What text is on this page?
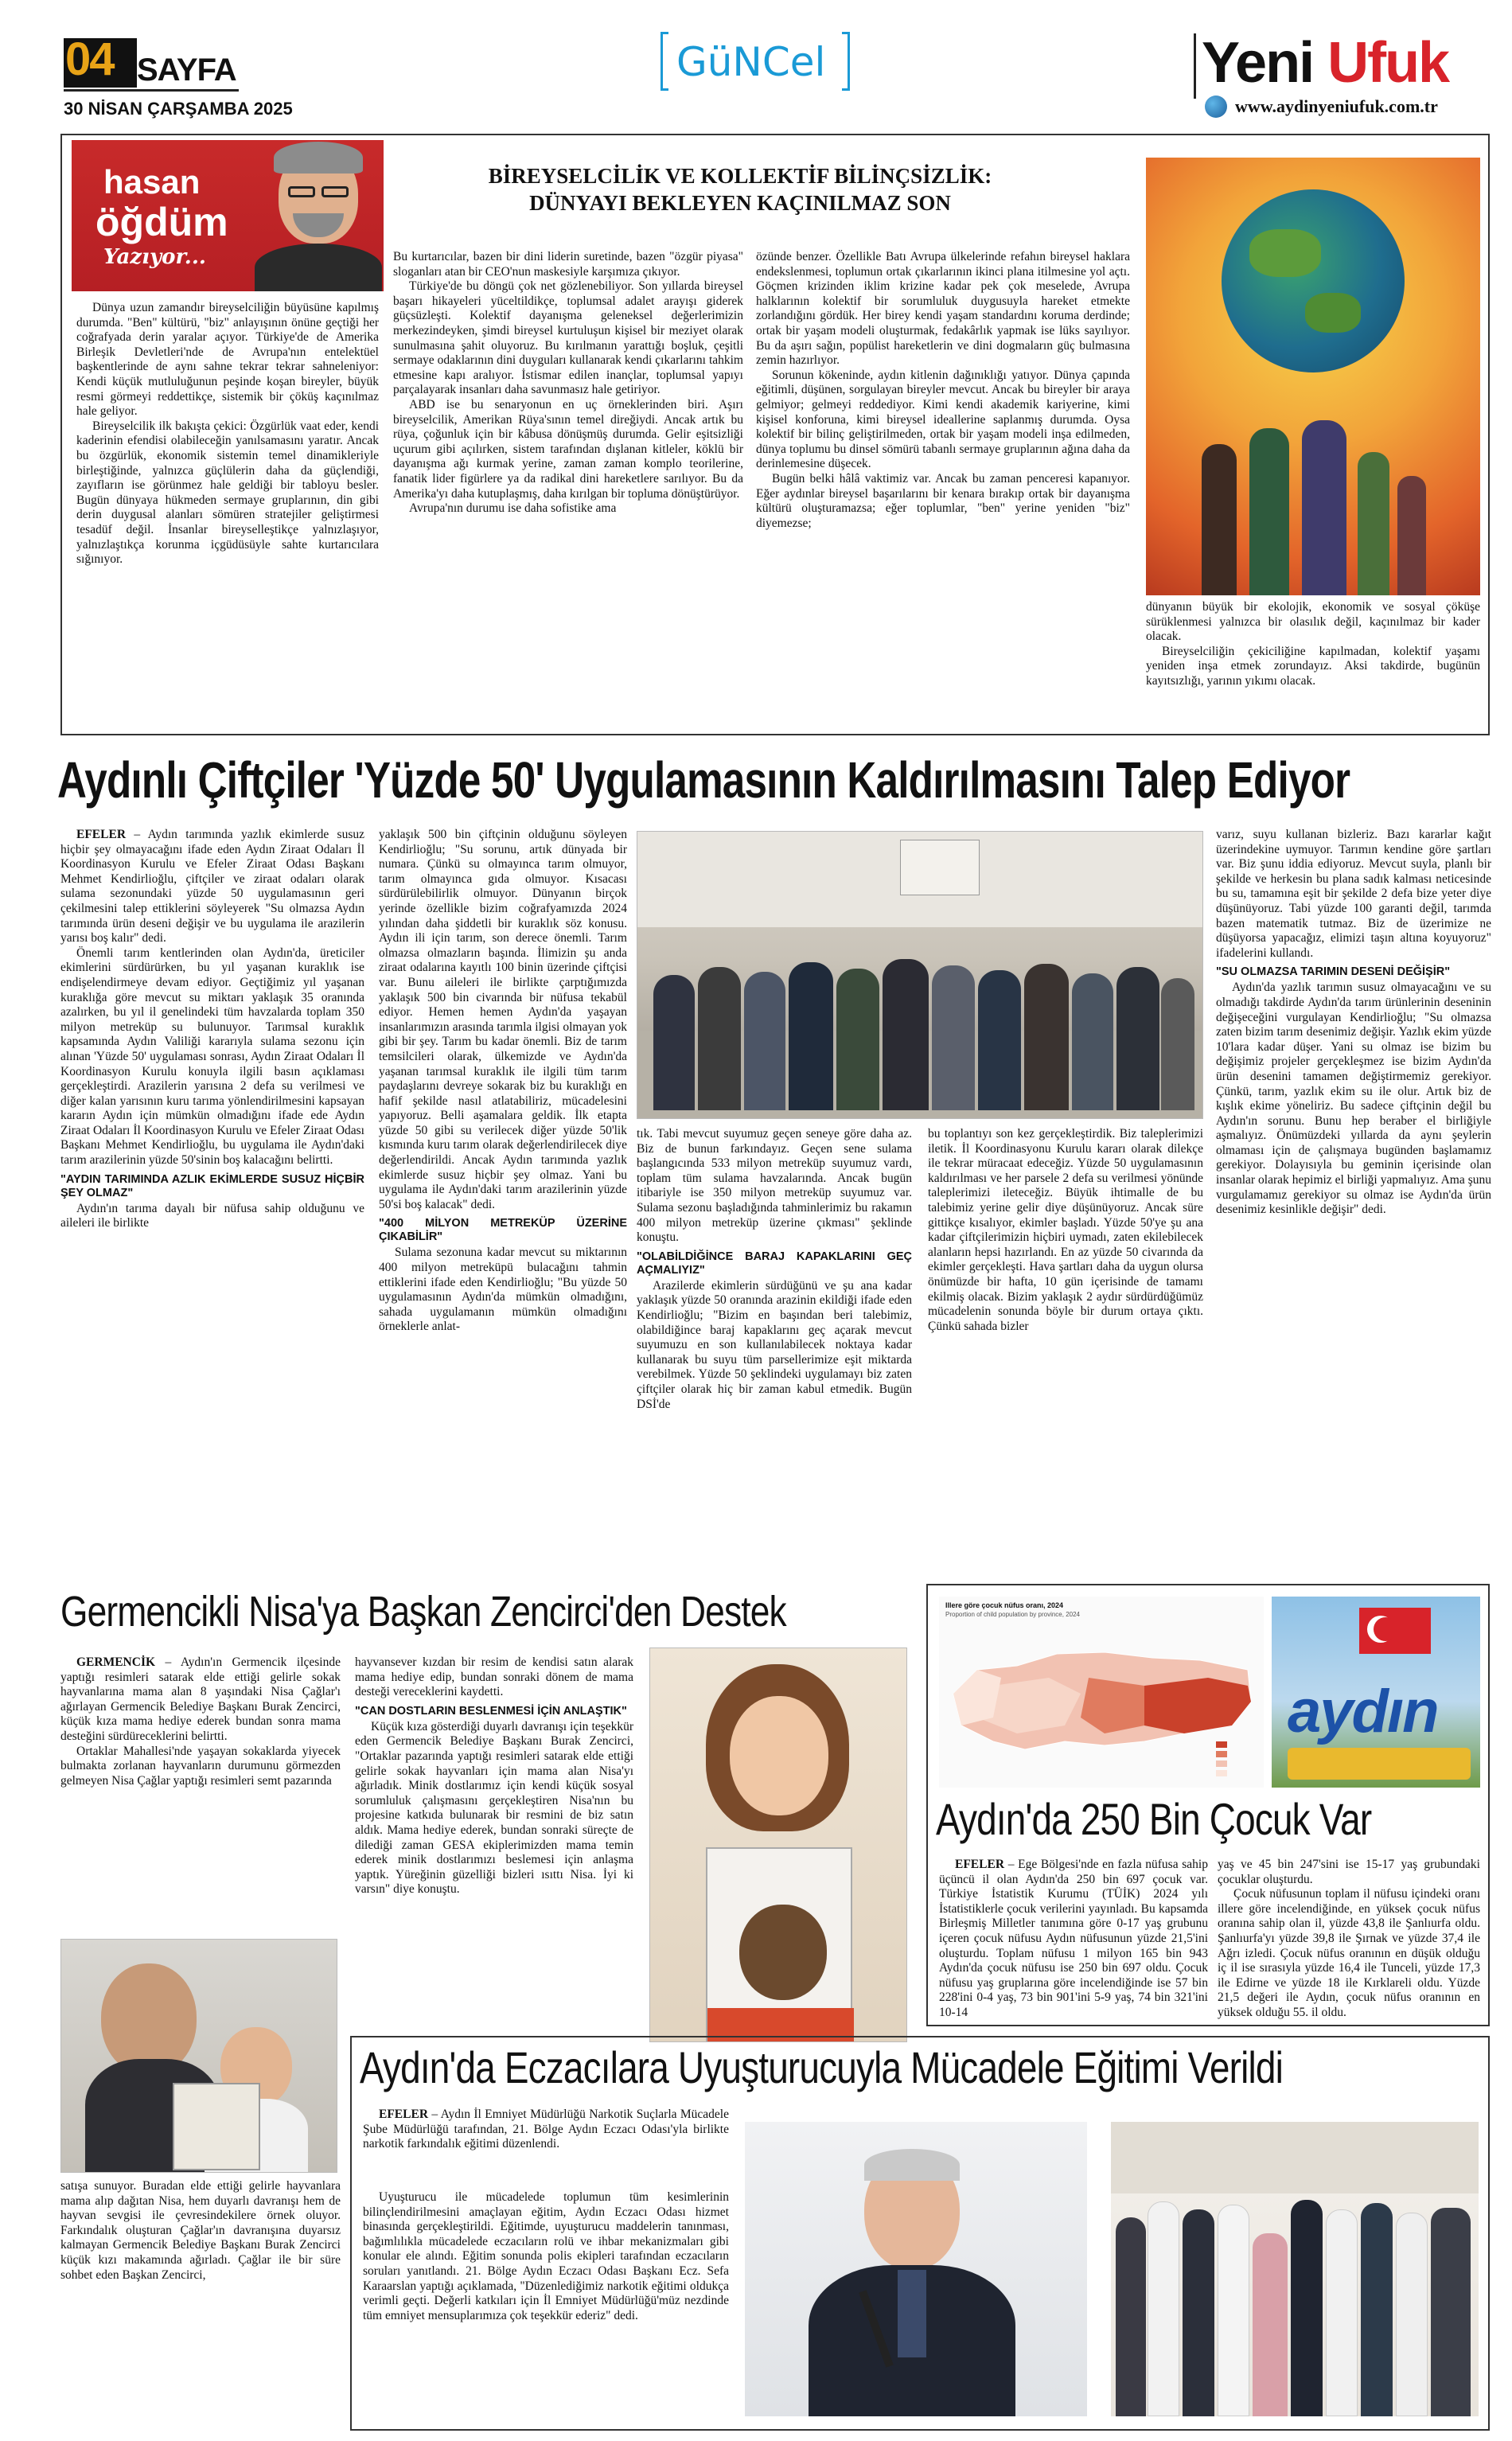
04 SAYFA
30 NİSAN ÇARŞAMBA 2025
GüNCel	Yeni Ufuk
www.aydinyeniufuk.com.tr
hasan
öğdüm
Yazıyor...
BİREYSELCİLİK VE KOLLEKTİF BİLİNÇSİZLİK:
DÜNYAYI BEKLEYEN KAÇINILMAZ SON

Dünya uzun zamandır bireyselciliğin büyüsüne kapılmış durumda. "Ben" kültürü, "biz" anlayışının önüne geçtiği her coğrafyada derin yaralar açıyor. Türkiye'de de Amerika Birleşik Devletleri'nde de Avrupa'nın entelektüel başkentlerinde de aynı sahne tekrar tekrar sahneleniyor: Kendi küçük mutluluğunun peşinde koşan bireyler, büyük resmi görmeyi reddettikçe, sistemik bir çöküş kaçınılmaz hale geliyor.

Bireyselcilik ilk bakışta çekici: Özgürlük vaat eder, kendi kaderinin efendisi olabileceğin yanılsamasını yaratır. Ancak bu özgürlük, ekonomik sistemin temel dinamikleriyle birleştiğinde, yalnızca güçlülerin daha da güçlendiği, zayıfların ise görünmez hale geldiği bir tabloyu besler. Bugün dünyaya hükmeden sermaye gruplarının, din gibi derin duygusal alanları sömüren stratejiler geliştirmesi tesadüf değil. İnsanlar bireyselleştikçe yalnızlaşıyor, yalnızlaştıkça korunma içgüdüsüyle sahte kurtarıcılara sığınıyor.

Bu kurtarıcılar, bazen bir dini liderin suretinde, bazen "özgür piyasa" sloganları atan bir CEO'nun maskesiyle karşımıza çıkıyor.

Türkiye'de bu döngü çok net gözlenebiliyor. Son yıllarda bireysel başarı hikayeleri yüceltildikçe, toplumsal adalet arayışı giderek güçsüzleşti. Kolektif dayanışma geleneksel değerlerimizin merkezindeyken, şimdi bireysel kurtuluşun kişisel bir meziyet olarak sunulmasına şahit oluyoruz. Bu kırılmanın yarattığı boşluk, çeşitli sermaye odaklarının dini duyguları kullanarak kendi çıkarlarını tahkim etmesine kapı aralıyor. İstismar edilen inançlar, toplumsal yapıyı parçalayarak insanları daha savunmasız hale getiriyor.

ABD ise bu senaryonun en uç örneklerinden biri. Aşırı bireyselcilik, Amerikan Rüya'sının temel direğiydi. Ancak artık bu rüya, çoğunluk için bir kâbusa dönüşmüş durumda. Gelir eşitsizliği uçurum gibi açılırken, sistem tarafından dışlanan kitleler, köklü bir dayanışma ağı kurmak yerine, zaman zaman komplo teorilerine, fanatik lider figürlere ya da radikal dini hareketlere sarılıyor. Bu da Amerika'yı daha kutuplaşmış, daha kırılgan bir topluma dönüştürüyor.

Avrupa'nın durumu ise daha sofistike ama

özünde benzer. Özellikle Batı Avrupa ülkelerinde refahın bireysel haklara endekslenmesi, toplumun ortak çıkarlarının ikinci plana itilmesine yol açtı. Göçmen krizinden iklim krizine kadar pek çok meselede, Avrupa halklarının kolektif bir sorumluluk duygusuyla hareket etmekte zorlandığını gördük. Her birey kendi yaşam standardını koruma derdinde; ortak bir yaşam modeli oluşturmak, fedakârlık yapmak ise lüks sayılıyor. Bu da aşırı sağın, popülist hareketlerin ve dini dogmaların güç bulmasına zemin hazırlıyor.

Sorunun kökeninde, aydın kitlenin dağınıklığı yatıyor. Dünya çapında eğitimli, düşünen, sorgulayan bireyler mevcut. Ancak bu bireyler bir araya gelmiyor; gelmeyi reddediyor. Kimi kendi akademik kariyerine, kimi kişisel konforuna, kimi bireysel ideallerine saplanmış durumda. Oysa kolektif bir bilinç geliştirilmeden, ortak bir yaşam modeli inşa edilmeden, dünya toplumu bu dinsel sömürü tabanlı sermaye gruplarının ağına daha da derinlemesine düşecek.

Bugün belki hâlâ vaktimiz var. Ancak bu zaman penceresi kapanıyor. Eğer aydınlar bireysel başarılarını bir kenara bırakıp ortak bir dayanışma kültürü oluşturamazsa; eğer toplumlar, "ben" yerine yeniden "biz" diyemezse;

dünyanın büyük bir ekolojik, ekonomik ve sosyal çöküşe sürüklenmesi yalnızca bir olasılık değil, kaçınılmaz bir kader olacak.

Bireyselciliğin çekiciliğine kapılmadan, kolektif yaşamı yeniden inşa etmek zorundayız. Aksi takdirde, bugünün kayıtsızlığı, yarının yıkımı olacak.

Aydınlı Çiftçiler 'Yüzde 50' Uygulamasının Kaldırılmasını Talep Ediyor

EFELER – Aydın tarımında yazlık ekimlerde susuz hiçbir şey olmayacağını ifade eden Aydın Ziraat Odaları İl Koordinasyon Kurulu ve Efeler Ziraat Odası Başkanı Mehmet Kendirlioğlu, çiftçiler ve ziraat odaları olarak sulama sezonundaki yüzde 50 uygulamasının geri çekilmesini talep ettiklerini söyleyerek "Su olmazsa Aydın tarımında ürün deseni değişir ve bu uygulama ile arazilerin yarısı boş kalır" dedi.

Önemli tarım kentlerinden olan Aydın'da, üreticiler ekimlerini sürdürürken, bu yıl yaşanan kuraklık ise endişelendirmeye devam ediyor. Geçtiğimiz yıl yaşanan kuraklığa göre mevcut su miktarı yaklaşık 35 oranında azalırken, bu yıl il genelindeki tüm havzalarda toplam 350 milyon metreküp su bulunuyor. Tarımsal kuraklık kapsamında Aydın Valiliği kararıyla sulama sezonu için alınan 'Yüzde 50' uygulaması sonrası, Aydın Ziraat Odaları İl Koordinasyon Kurulu konuyla ilgili basın açıklaması gerçekleştirdi. Arazilerin yarısına 2 defa su verilmesi ve diğer kalan yarısının kuru tarıma yönlendirilmesini kapsayan kararın Aydın için mümkün olmadığını ifade ede Aydın Ziraat Odaları İl Koordinasyon Kurulu ve Efeler Ziraat Odası Başkanı Mehmet Kendirlioğlu, bu uygulama ile Aydın'daki tarım arazilerinin yüzde 50'sinin boş kalacağını belirtti.

"AYDIN TARIMINDA AZLIK EKİMLERDE SUSUZ HİÇBİR ŞEY OLMAZ"

Aydın'ın tarıma dayalı bir nüfusa sahip olduğunu ve aileleri ile birlikte

yaklaşık 500 bin çiftçinin olduğunu söyleyen Kendirlioğlu; "Su sorunu, artık dünyada bir numara. Çünkü su olmayınca tarım olmuyor, tarım olmayınca gıda olmuyor. Kısacası sürdürülebilirlik olmuyor. Dünyanın birçok yerinde özellikle bizim coğrafyamızda 2024 yılından daha şiddetli bir kuraklık söz konusu. Aydın ili için tarım, son derece önemli. Tarım olmazsa olmazların başında. İlimizin şu anda ziraat odalarına kayıtlı 100 binin üzerinde çiftçisi var. Bunu aileleri ile birlikte çarptığımızda yaklaşık 500 bin civarında bir nüfusa tekabül ediyor. Hemen hemen Aydın'da yaşayan insanlarımızın arasında tarımla ilgisi olmayan yok gibi bir şey. Tarım bu kadar önemli. Biz de tarım temsilcileri olarak, ülkemizde ve Aydın'da yaşanan tarımsal kuraklık ile ilgili tüm tarım paydaşlarını devreye sokarak biz bu kuraklığı en hafif şekilde nasıl atlatabiliriz, mücadelesini yapıyoruz. Belli aşamalara geldik. İlk etapta yüzde 50 gibi su verilecek diğer yüzde 50'lik kısmında kuru tarım olarak değerlendirilecek diye değerlendirildi. Ancak Aydın tarımında yazlık ekimlerde susuz hiçbir şey olmaz. Yani bu uygulama ile Aydın'daki tarım arazilerinin yüzde 50'si boş kalacak" dedi.

"400 MİLYON METREKÜP ÜZERİNE ÇIKABİLİR"

Sulama sezonuna kadar mevcut su miktarının 400 milyon metreküpü bulacağını tahmin ettiklerini ifade eden Kendirlioğlu; "Bu yüzde 50 uygulamasının Aydın'da mümkün olmadığını, sahada uygulamanın mümkün olmadığını örneklerle anlat-

tık. Tabi mevcut suyumuz geçen seneye göre daha az. Biz de bunun farkındayız. Geçen sene sulama başlangıcında 533 milyon metreküp suyumuz vardı, toplam tüm sulama havzalarında. Ancak bugün itibariyle ise 350 milyon metreküp suyumuz var. Sulama sezonu başladığında tahminlerimiz bu rakamın 400 milyon metreküp üzerine çıkması" şeklinde konuştu.

"OLABİLDİĞİNCE BARAJ KAPAKLARINI GEÇ AÇMALIYIZ"

Arazilerde ekimlerin sürdüğünü ve şu ana kadar yaklaşık yüzde 50 oranında arazinin ekildiği ifade eden Kendirlioğlu; "Bizim en başından beri talebimiz, olabildiğince baraj kapaklarını geç açarak mevcut suyumuzu en son kullanılabilecek noktaya kadar kullanarak bu suyu tüm parsellerimize eşit miktarda verebilmek. Yüzde 50 şeklindeki uygulamayı biz zaten çiftçiler olarak hiç bir zaman kabul etmedik. Bugün DSİ'de

bu toplantıyı son kez gerçekleştirdik. Biz taleplerimizi iletik. İl Koordinasyonu Kurulu kararı olarak dilekçe ile tekrar müracaat edeceğiz. Yüzde 50 uygulamasının kaldırılması ve her parsele 2 defa su verilmesi yönünde taleplerimizi ileteceğiz. Büyük ihtimalle de bu talebimiz yerine gelir diye düşünüyoruz. Ancak süre gittikçe kısalıyor, ekimler başladı. Yüzde 50'ye şu ana kadar çiftçilerimizin hiçbiri uymadı, zaten ekilebilecek alanların hepsi hazırlandı. En az yüzde 50 civarında da ekimler gerçekleşti. Hava şartları daha da uygun olursa önümüzde bir hafta, 10 gün içerisinde de tamamı ekilmiş olacak. Bizim yaklaşık 2 aydır sürdürdüğümüz mücadelenin sonunda böyle bir durum ortaya çıktı. Çünkü sahada bizler

varız, suyu kullanan bizleriz. Bazı kararlar kağıt üzerindekine uymuyor. Tarımın kendine göre şartları var. Biz şunu iddia ediyoruz. Mevcut suyla, planlı bir şekilde ve herkesin bu plana sadık kalması neticesinde bu su, tamamına eşit bir şekilde 2 defa bize yeter diye düşünüyoruz. Tabi yüzde 100 garanti değil, tarımda bazen matematik tutmaz. Biz de üzerimize ne düşüyorsa yapacağız, elimizi taşın altına koyuyoruz" ifadelerini kullandı.

"SU OLMAZSA TARIMIN DESENİ DEĞİŞİR"

Aydın'da yazlık tarımın susuz olmayacağını ve su olmadığı takdirde Aydın'da tarım ürünlerinin deseninin değişeceğini vurgulayan Kendirlioğlu; "Su olmazsa zaten bizim tarım desenimiz değişir. Yazlık ekim yüzde 10'lara kadar düşer. Yani su olmaz ise bizim bu değişimiz projeler gerçekleşmez ise bizim Aydın'da ürün desenini tamamen değiştirmemiz gerekiyor. Çünkü, tarım, yazlık ekim su ile olur. Artık biz de kışlık ekime yöneliriz. Bu sadece çiftçinin değil bu Aydın'ın sorunu. Bunu hep beraber el birliğiyle aşmalıyız. Önümüzdeki yıllarda da aynı şeylerin olmaması için de çalışmaya bugünden başlamamız gerekiyor. Dolayısıyla bu geminin içerisinde olan insanlar olarak hepimiz el birliği yapmalıyız. Ama şunu vurgulamamız gerekiyor su olmaz ise Aydın'da ürün desenimiz kesinlikle değişir" dedi.

Germencikli Nisa'ya Başkan Zencirci'den Destek

GERMENCİK – Aydın'ın Germencik ilçesinde yaptığı resimleri satarak elde ettiği gelirle sokak hayvanlarına mama alan 8 yaşındaki Nisa Çağlar'ı ağırlayan Germencik Belediye Başkanı Burak Zencirci, küçük kıza mama hediye ederek bundan sonra mama desteğini sürdüreceklerini belirtti.

Ortaklar Mahallesi'nde yaşayan sokaklarda yiyecek bulmakta zorlanan hayvanların durumunu görmezden gelmeyen Nisa Çağlar yaptığı resimleri semt pazarında

satışa sunuyor. Buradan elde ettiği gelirle hayvanlara mama alıp dağıtan Nisa, hem duyarlı davranışı hem de hayvan sevgisi ile çevresindekilere örnek oluyor. Farkındalık oluşturan Çağlar'ın davranışına duyarsız kalmayan Germencik Belediye Başkanı Burak Zencirci küçük kızı makamında ağırladı. Çağlar ile bir süre sohbet eden Başkan Zencirci,

hayvansever kızdan bir resim de kendisi satın alarak mama hediye edip, bundan sonraki dönem de mama desteği vereceklerini kaydetti.

"CAN DOSTLARIN BESLENMESİ İÇİN ANLAŞTIK"

Küçük kıza gösterdiği duyarlı davranışı için teşekkür eden Germencik Belediye Başkanı Burak Zencirci, "Ortaklar pazarında yaptığı resimleri satarak elde ettiği gelirle sokak hayvanları için mama alan Nisa'yı ağırladık. Minik dostlarımız için kendi küçük sosyal sorumluluk çalışmasını gerçekleştiren Nisa'nın bu projesine katkıda bulunarak bir resmini de biz satın aldık. Mama hediye ederek, bundan sonraki süreçte de dilediği zaman GESA ekiplerimizden mama temin ederek minik dostlarımızı beslemesi için anlaşma yaptık. Yüreğinin güzelliği bizleri ısıttı Nisa. İyi ki varsın" diye konuştu.

Illere göre çocuk nüfus oranı, 2024
Proportion of child population by province, 2024
aydın
Aydın'da 250 Bin Çocuk Var

EFELER – Ege Bölgesi'nde en fazla nüfusa sahip üçüncü il olan Aydın'da 250 bin 697 çocuk var. Türkiye İstatistik Kurumu (TÜİK) 2024 yılı İstatistiklerle çocuk verilerini yayınladı. Bu kapsamda Birleşmiş Milletler tanımına göre 0-17 yaş grubunu içeren çocuk nüfusu Aydın nüfusunun yüzde 21,5'ini oluşturdu. Toplam nüfusu 1 milyon 165 bin 943 Aydın'da çocuk nüfusu ise 250 bin 697 oldu. Çocuk nüfusu yaş gruplarına göre incelendiğinde ise 57 bin 228'ini 0-4 yaş, 73 bin 901'ini 5-9 yaş, 74 bin 321'ini 10-14

yaş ve 45 bin 247'sini ise 15-17 yaş grubundaki çocuklar oluşturdu.

Çocuk nüfusunun toplam il nüfusu içindeki oranı illere göre incelendiğinde, en yüksek çocuk nüfus oranına sahip olan il, yüzde 43,8 ile Şanlıurfa oldu. Şanlıurfa'yı yüzde 39,8 ile Şırnak ve yüzde 37,4 ile Ağrı izledi. Çocuk nüfus oranının en düşük olduğu iç il ise sırasıyla yüzde 16,4 ile Tunceli, yüzde 17,3 ile Edirne ve yüzde 18 ile Kırklareli oldu. Yüzde 21,5 değeri ile Aydın, çocuk nüfus oranının en yüksek olduğu 55. il oldu.

Aydın'da Eczacılara Uyuşturucuyla Mücadele Eğitimi Verildi

EFELER – Aydın İl Emniyet Müdürlüğü Narkotik Suçlarla Mücadele Şube Müdürlüğü tarafından, 21. Bölge Aydın Eczacı Odası'yla birlikte narkotik farkındalık eğitimi düzenlendi.

Uyuşturucu ile mücadelede toplumun tüm kesimlerinin bilinçlendirilmesini amaçlayan eğitim, Aydın Eczacı Odası hizmet binasında gerçekleştirildi. Eğitimde, uyuşturucu maddelerin tanınması, bağımlılıkla mücadelede eczacıların rolü ve ihbar mekanizmaları gibi konular ele alındı. Eğitim sonunda polis ekipleri tarafından eczacıların soruları yanıtlandı. 21. Bölge Aydın Eczacı Odası Başkanı Ecz. Sefa Karaarslan yaptığı açıklamada, "Düzenlediğimiz narkotik eğitimi oldukça verimli geçti. Değerli katkıları için İl Emniyet Müdürlüğü'müz nezdinde tüm emniyet mensuplarımıza çok teşekkür ederiz" dedi.
